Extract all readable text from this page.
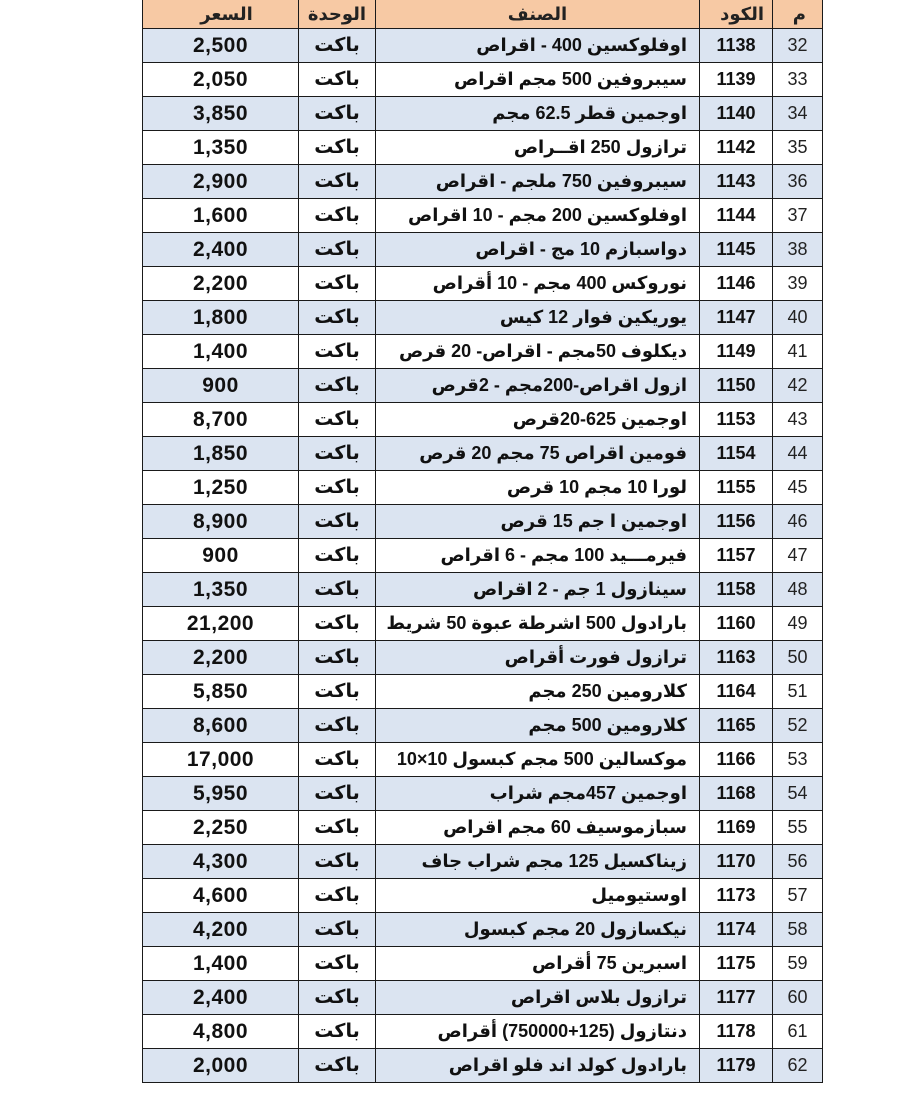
السعر	الوحدة	الصنف	الكود	م
2,500	باكت	اوفلوكسين 400 - اقراص	1138	32
2,050	باكت	سيبروفين 500 مجم اقراص	1139	33
3,850	باكت	اوجمين قطر 62.5 مجم	1140	34
1,350	باكت	ترازول 250 اقــراص	1142	35
2,900	باكت	سيبروفين 750 ملجم - اقراص	1143	36
1,600	باكت	اوفلوكسين 200 مجم - 10 اقراص	1144	37
2,400	باكت	دواسبازم 10 مج - اقراص	1145	38
2,200	باكت	نوروكس 400 مجم - 10 أقراص	1146	39
1,800	باكت	يوريكين فوار 12 كيس	1147	40
1,400	باكت	ديكلوف 50مجم - اقراص- 20 قرص	1149	41
900	باكت	ازول اقراص-200مجم - 2قرص	1150	42
8,700	باكت	اوجمين 625-20قرص	1153	43
1,850	باكت	فومين اقراص 75 مجم 20 قرص	1154	44
1,250	باكت	لورا 10 مجم 10 قرص	1155	45
8,900	باكت	اوجمين ا جم 15 قرص	1156	46
900	باكت	فيرمـــيد 100 مجم - 6 اقراص	1157	47
1,350	باكت	سينازول 1 جم - 2 اقراص	1158	48
21,200	باكت	بارادول 500 اشرطة عبوة 50 شريط	1160	49
2,200	باكت	ترازول فورت أقراص	1163	50
5,850	باكت	كلارومين 250 مجم	1164	51
8,600	باكت	كلارومين 500 مجم	1165	52
17,000	باكت	موكسالين 500 مجم كبسول 10×10	1166	53
5,950	باكت	اوجمين 457مجم شراب	1168	54
2,250	باكت	سبازموسيف 60 مجم اقراص	1169	55
4,300	باكت	زيناكسيل 125 مجم شراب جاف	1170	56
4,600	باكت	اوستيوميل	1173	57
4,200	باكت	نيكسازول 20 مجم كبسول	1174	58
1,400	باكت	اسبرين 75 أقراص	1175	59
2,400	باكت	ترازول بلاس اقراص	1177	60
4,800	باكت	دنتازول (125+750000) أقراص	1178	61
2,000	باكت	بارادول كولد اند فلو اقراص	1179	62
